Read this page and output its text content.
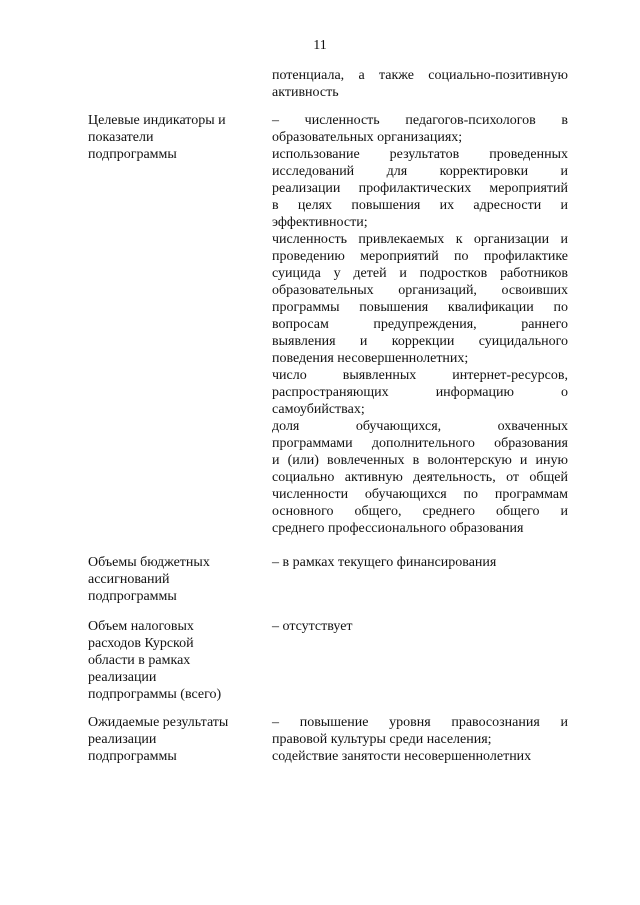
11
потенциала, а также социально-позитивную
активность
Целевые индикаторы и
показатели
подпрограммы
– численность педагогов-психологов в
образовательных организациях;
использование результатов проведенных
исследований для корректировки и
реализации профилактических мероприятий
в целях повышения их адресности и
эффективности;
численность привлекаемых к организации и
проведению мероприятий по профилактике
суицида у детей и подростков работников
образовательных организаций, освоивших
программы повышения квалификации по
вопросам предупреждения, раннего
выявления и коррекции суицидального
поведения несовершеннолетних;
число выявленных интернет-ресурсов,
распространяющих информацию о
самоубийствах;
доля обучающихся, охваченных
программами дополнительного образования
и (или) вовлеченных в волонтерскую и иную
социально активную деятельность, от общей
численности обучающихся по программам
основного общего, среднего общего и
среднего профессионального образования
Объемы бюджетных
ассигнований
подпрограммы
– в рамках текущего финансирования
Объем налоговых
расходов Курской
области в рамках
реализации
подпрограммы (всего)
– отсутствует
Ожидаемые результаты
реализации
подпрограммы
– повышение уровня правосознания и
правовой культуры среди населения;
содействие занятости несовершеннолетних
